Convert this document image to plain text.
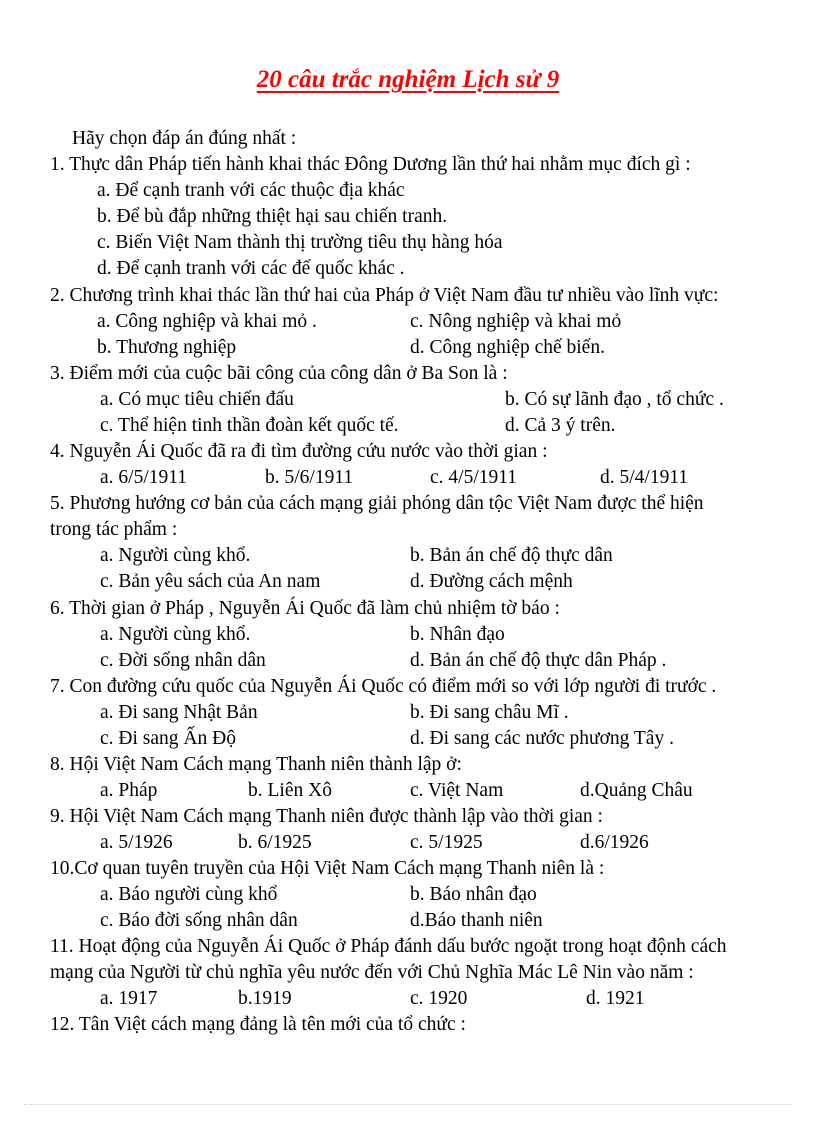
20 câu trắc nghiệm Lịch sử 9
Hãy chọn đáp án đúng nhất :
1. Thực dân Pháp tiến hành khai thác Đông Dương lần thứ hai nhằm mục đích gì :
a. Để cạnh tranh với các thuộc địa khác
b. Để bù đắp những thiệt hại sau chiến tranh.
c. Biến Việt Nam thành thị trường tiêu thụ hàng hóa
d. Để cạnh tranh với các đế quốc khác .
2. Chương trình khai thác lần thứ hai của Pháp ở Việt Nam đầu tư nhiều vào lĩnh vực:
a. Công nghiệp và khai mỏ .	c. Nông nghiệp và khai mỏ
b. Thương nghiệp	d. Công nghiệp chế biến.
3. Điểm mới của cuộc bãi công của công dân ở Ba Son là :
a. Có mục tiêu chiến đấu	b. Có sự lãnh đạo , tổ chức .
c. Thể hiện tinh thần đoàn kết quốc tế.	d. Cả 3 ý trên.
4. Nguyễn Ái Quốc đã ra đi tìm đường cứu nước vào thời gian :
a. 6/5/1911	b. 5/6/1911	c. 4/5/1911	d. 5/4/1911
5. Phương hướng cơ bản của cách mạng giải phóng dân tộc Việt Nam được thể hiện
trong tác phẩm :
a. Người cùng khổ.	b. Bản án chế độ thực dân
c. Bản yêu sách của An nam	d. Đường cách mệnh
6. Thời gian ở Pháp , Nguyễn Ái Quốc đã làm chủ nhiệm tờ báo :
a. Người cùng khổ.	b. Nhân đạo
c. Đời sống nhân dân	d. Bản án chế độ thực dân Pháp .
7. Con đường cứu quốc của Nguyễn Ái Quốc có điểm mới so với lớp người đi trước .
a. Đi sang Nhật Bản	b. Đi sang châu Mĩ .
c. Đi sang Ấn Độ	d. Đi sang các nước phương Tây .
8. Hội Việt Nam Cách mạng Thanh niên thành lập ở:
a. Pháp	b. Liên Xô	c. Việt Nam	d.Quảng Châu
9. Hội Việt Nam Cách mạng Thanh niên được thành lập vào thời gian :
a. 5/1926	b. 6/1925	c. 5/1925	d.6/1926
10.Cơ quan tuyên truyền của Hội Việt Nam Cách mạng Thanh niên là :
a. Báo người cùng khổ	b. Báo nhân đạo
c. Báo đời sống nhân dân	d.Báo thanh niên
11. Hoạt động của Nguyễn Ái Quốc ở Pháp đánh dấu bước ngoặt trong hoạt độnh cách
mạng của Người từ chủ nghĩa yêu nước đến với Chủ Nghĩa Mác Lê Nin vào năm :
a. 1917	b.1919	c. 1920	d. 1921
12. Tân Việt cách mạng đảng là tên mới của tổ chức :
